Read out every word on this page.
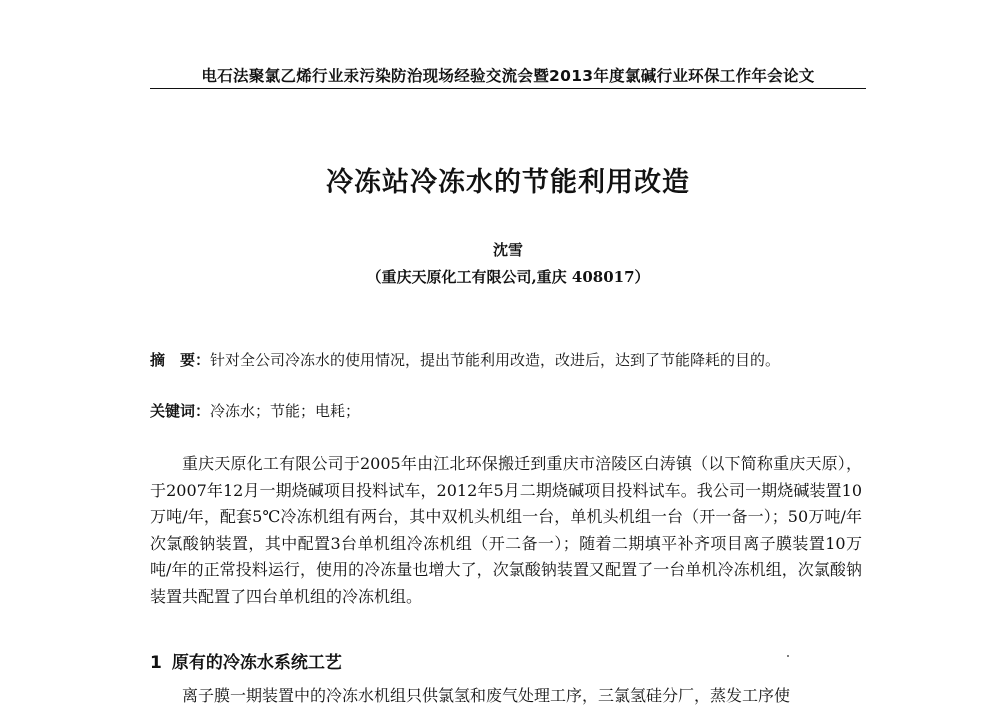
电石法聚氯乙烯行业汞污染防治现场经验交流会暨2013年度氯碱行业环保工作年会论文
冷冻站冷冻水的节能利用改造
沈雪
（重庆天原化工有限公司,重庆 408017）
摘　要：针对全公司冷冻水的使用情况，提出节能利用改造，改进后，达到了节能降耗的目的。
关键词：冷冻水；节能；电耗；
重庆天原化工有限公司于2005年由江北环保搬迁到重庆市涪陵区白涛镇（以下简称重庆天原），于2007年12月一期烧碱项目投料试车，2012年5月二期烧碱项目投料试车。我公司一期烧碱装置10万吨/年，配套5℃冷冻机组有两台，其中双机头机组一台，单机头机组一台（开一备一）；50万吨/年次氯酸钠装置，其中配置3台单机组冷冻机组（开二备一）；随着二期填平补齐项目离子膜装置10万吨/年的正常投料运行，使用的冷冻量也增大了，次氯酸钠装置又配置了一台单机冷冻机组，次氯酸钠装置共配置了四台单机组的冷冻机组。
1 原有的冷冻水系统工艺
离子膜一期装置中的冷冻水机组只供氯氢和废气处理工序，三氯氢硅分厂，蒸发工序使
